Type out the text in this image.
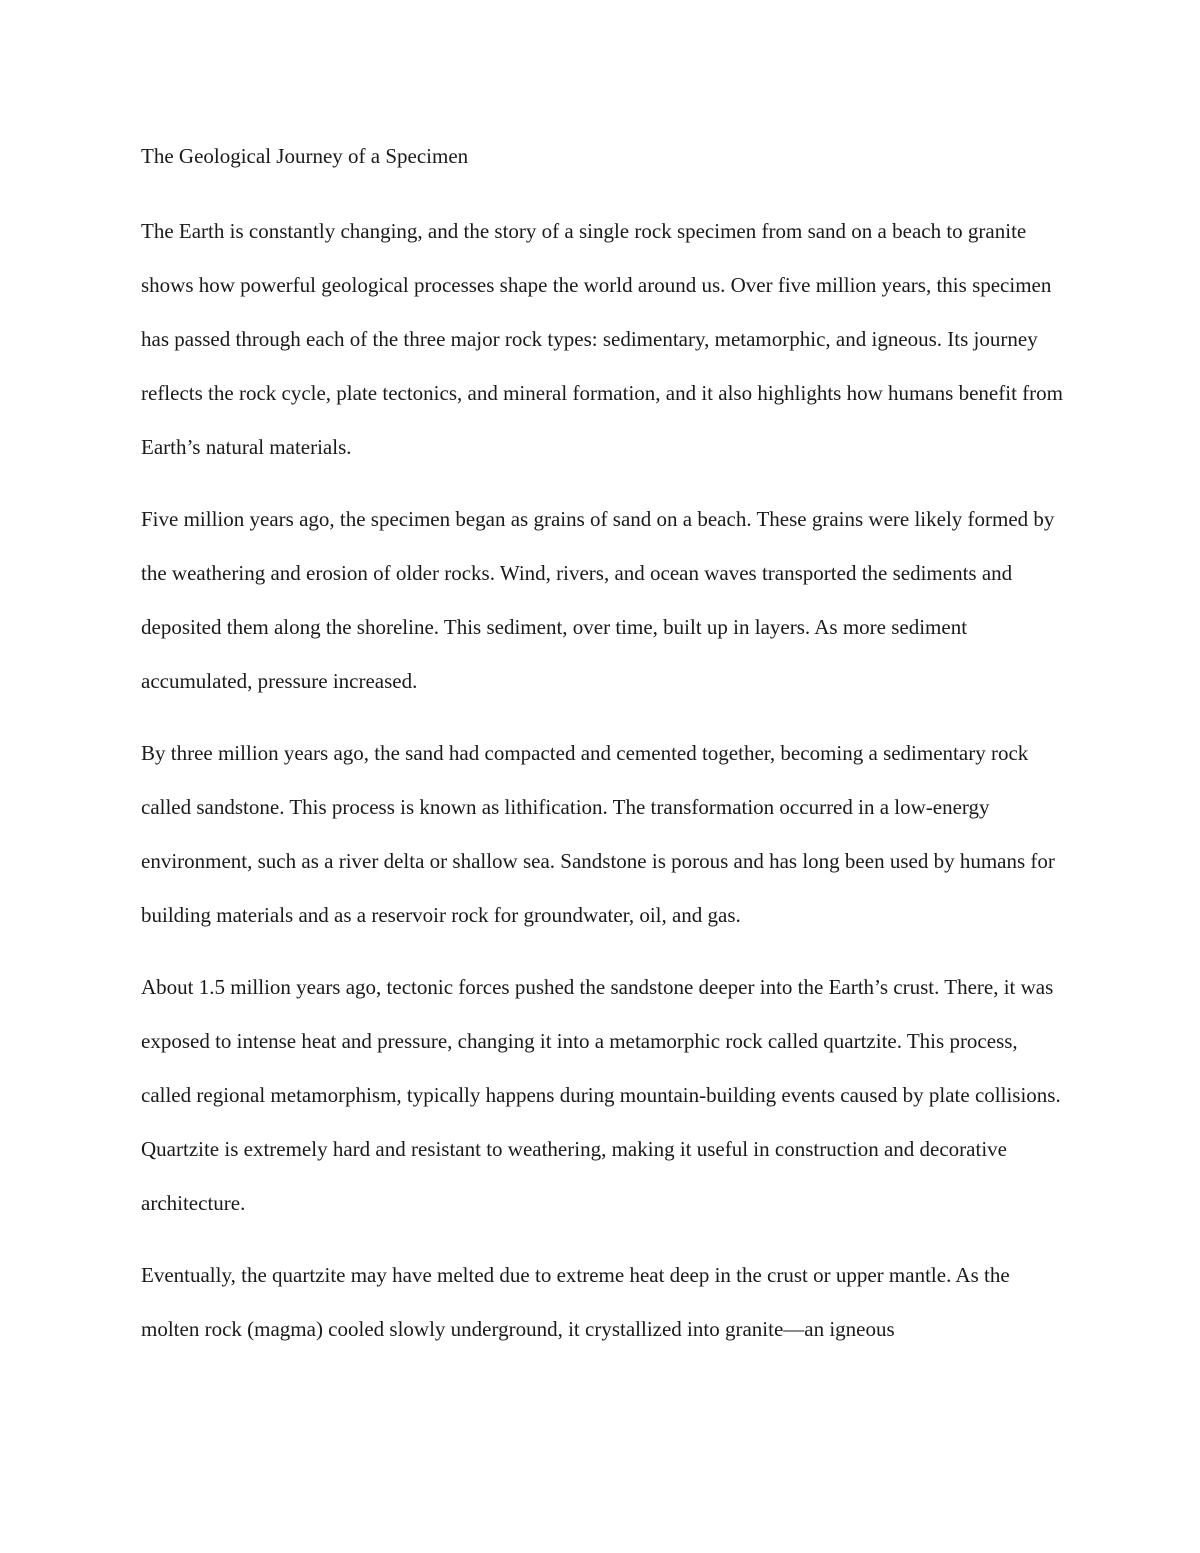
The Geological Journey of a Specimen

The Earth is constantly changing, and the story of a single rock specimen from sand on a beach to granite shows how powerful geological processes shape the world around us. Over five million years, this specimen has passed through each of the three major rock types: sedimentary, metamorphic, and igneous. Its journey reflects the rock cycle, plate tectonics, and mineral formation, and it also highlights how humans benefit from Earth’s natural materials.

Five million years ago, the specimen began as grains of sand on a beach. These grains were likely formed by the weathering and erosion of older rocks. Wind, rivers, and ocean waves transported the sediments and deposited them along the shoreline. This sediment, over time, built up in layers. As more sediment accumulated, pressure increased.

By three million years ago, the sand had compacted and cemented together, becoming a sedimentary rock called sandstone. This process is known as lithification. The transformation occurred in a low-energy environment, such as a river delta or shallow sea. Sandstone is porous and has long been used by humans for building materials and as a reservoir rock for groundwater, oil, and gas.

About 1.5 million years ago, tectonic forces pushed the sandstone deeper into the Earth’s crust. There, it was exposed to intense heat and pressure, changing it into a metamorphic rock called quartzite. This process, called regional metamorphism, typically happens during mountain-building events caused by plate collisions. Quartzite is extremely hard and resistant to weathering, making it useful in construction and decorative architecture.

Eventually, the quartzite may have melted due to extreme heat deep in the crust or upper mantle. As the molten rock (magma) cooled slowly underground, it crystallized into granite—an igneous
